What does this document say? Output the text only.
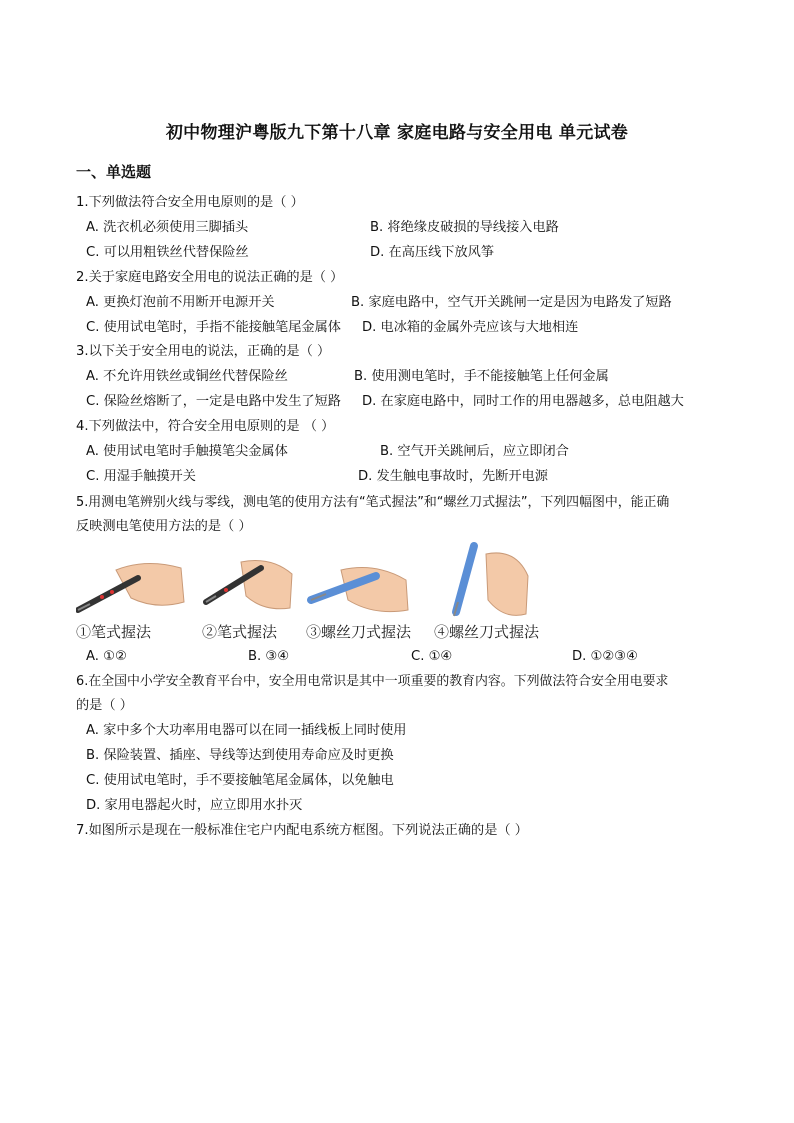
初中物理沪粤版九下第十八章 家庭电路与安全用电 单元试卷
一、单选题
1.下列做法符合安全用电原则的是（ ）
A. 洗衣机必须使用三脚插头	B. 将绝缘皮破损的导线接入电路
C. 可以用粗铁丝代替保险丝	D. 在高压线下放风筝
2.关于家庭电路安全用电的说法正确的是（ ）
A. 更换灯泡前不用断开电源开关	B. 家庭电路中，空气开关跳闸一定是因为电路发了短路
C. 使用试电笔时，手指不能接触笔尾金属体 D. 电冰箱的金属外壳应该与大地相连
3.以下关于安全用电的说法，正确的是（ ）
A. 不允许用铁丝或铜丝代替保险丝	B. 使用测电笔时，手不能接触笔上任何金属
C. 保险丝熔断了，一定是电路中发生了短路 D. 在家庭电路中，同时工作的用电器越多，总电阻越大
4.下列做法中，符合安全用电原则的是 （ ）
A. 使用试电笔时手触摸笔尖金属体	B. 空气开关跳闸后，应立即闭合
C. 用湿手触摸开关	D. 发生触电事故时，先断开电源
5.用测电笔辨别火线与零线，测电笔的使用方法有“笔式握法”和“螺丝刀式握法”，下列四幅图中，能正确
反映测电笔使用方法的是（ ）
①笔式握法	②笔式握法 ③螺丝刀式握法 ④螺丝刀式握法
A. ①②	B. ③④	C. ①④	D. ①②③④
6.在全国中小学安全教育平台中，安全用电常识是其中一项重要的教育内容。下列做法符合安全用电要求
的是（ ）
A. 家中多个大功率用电器可以在同一插线板上同时使用
B. 保险装置、插座、导线等达到使用寿命应及时更换
C. 使用试电笔时，手不要接触笔尾金属体，以免触电
D. 家用电器起火时，应立即用水扑灭
7.如图所示是现在一般标准住宅户内配电系统方框图。下列说法正确的是（ ）
